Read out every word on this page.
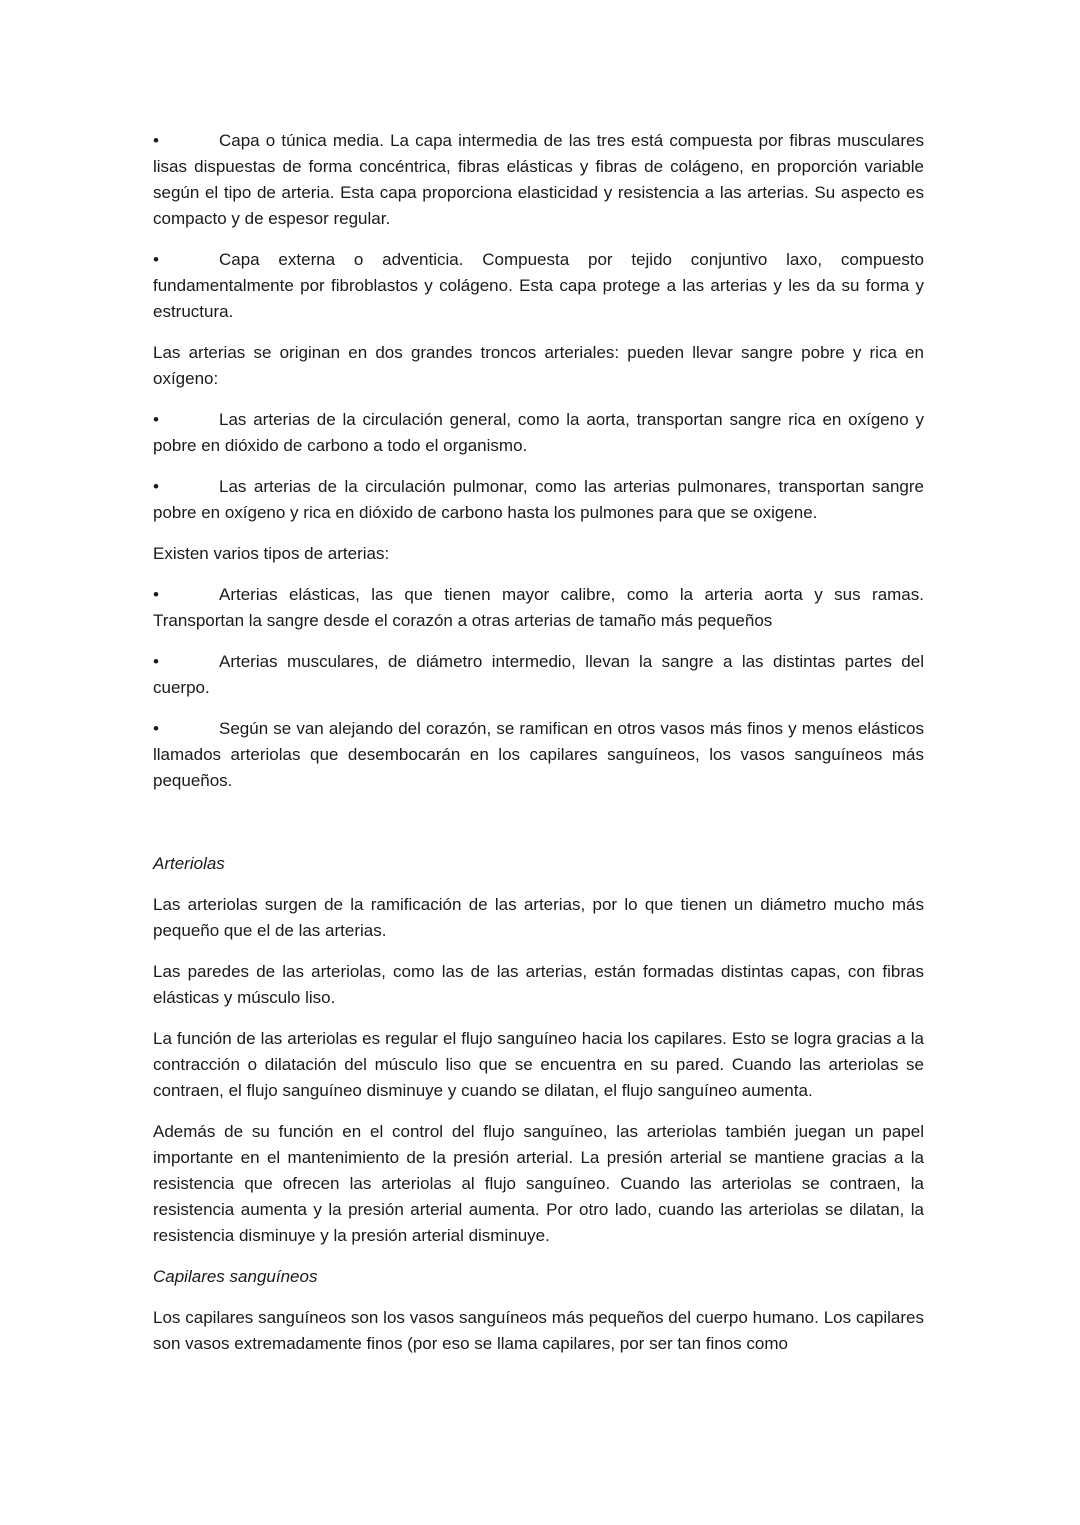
•	Capa o túnica media. La capa intermedia de las tres está compuesta por fibras musculares lisas dispuestas de forma concéntrica, fibras elásticas y fibras de colágeno, en proporción variable según el tipo de arteria. Esta capa proporciona elasticidad y resistencia a las arterias. Su aspecto es compacto y de espesor regular.
•	Capa externa o adventicia. Compuesta por tejido conjuntivo laxo, compuesto fundamentalmente por fibroblastos y colágeno. Esta capa protege a las arterias y les da su forma y estructura.

Las arterias se originan en dos grandes troncos arteriales: pueden llevar sangre pobre y rica en oxígeno:

•	Las arterias de la circulación general, como la aorta, transportan sangre rica en oxígeno y pobre en dióxido de carbono a todo el organismo.
•	Las arterias de la circulación pulmonar, como las arterias pulmonares, transportan sangre pobre en oxígeno y rica en dióxido de carbono hasta los pulmones para que se oxigene.

Existen varios tipos de arterias:

•	Arterias elásticas, las que tienen mayor calibre, como la arteria aorta y sus ramas. Transportan la sangre desde el corazón a otras arterias de tamaño más pequeños
•	Arterias musculares, de diámetro intermedio, llevan la sangre a las distintas partes del cuerpo.
•	Según se van alejando del corazón, se ramifican en otros vasos más finos y menos elásticos llamados arteriolas que desembocarán en los capilares sanguíneos, los vasos sanguíneos más pequeños.
Arteriolas

Las arteriolas surgen de la ramificación de las arterias, por lo que tienen un diámetro mucho más pequeño que el de las arterias.

Las paredes de las arteriolas, como las de las arterias, están formadas distintas capas, con fibras elásticas y músculo liso.

La función de las arteriolas es regular el flujo sanguíneo hacia los capilares. Esto se logra gracias a la contracción o dilatación del músculo liso que se encuentra en su pared. Cuando las arteriolas se contraen, el flujo sanguíneo disminuye y cuando se dilatan, el flujo sanguíneo aumenta.

Además de su función en el control del flujo sanguíneo, las arteriolas también juegan un papel importante en el mantenimiento de la presión arterial. La presión arterial se mantiene gracias a la resistencia que ofrecen las arteriolas al flujo sanguíneo. Cuando las arteriolas se contraen, la resistencia aumenta y la presión arterial aumenta. Por otro lado, cuando las arteriolas se dilatan, la resistencia disminuye y la presión arterial disminuye.

Capilares sanguíneos

Los capilares sanguíneos son los vasos sanguíneos más pequeños del cuerpo humano. Los capilares son vasos extremadamente finos (por eso se llama capilares, por ser tan finos como
